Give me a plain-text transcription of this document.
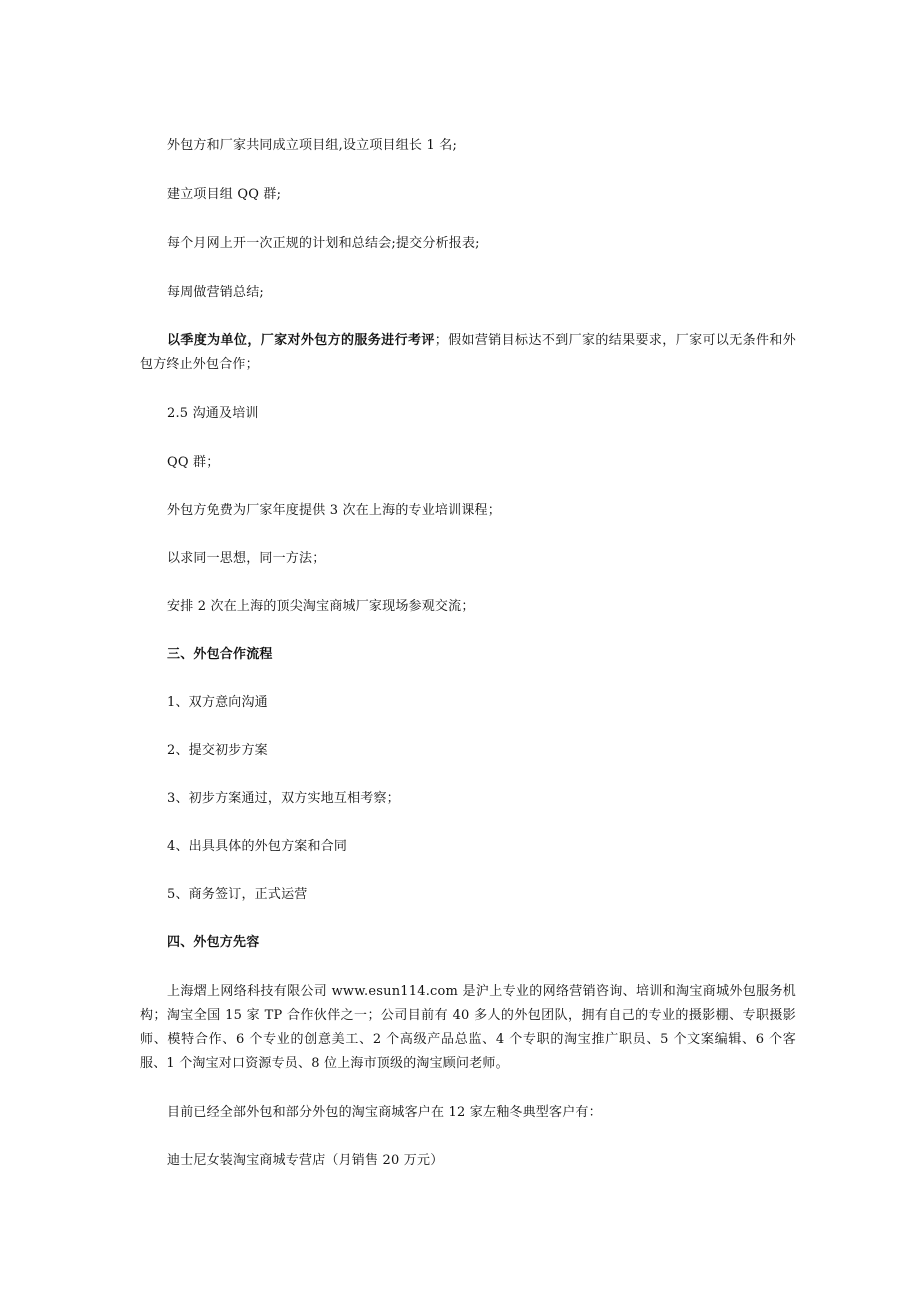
外包方和厂家共同成立项目组,设立项目组长 1 名;
建立项目组 QQ 群;
每个月网上开一次正规的计划和总结会;提交分析报表;
每周做营销总结;
以季度为单位，厂家对外包方的服务进行考评；假如营销目标达不到厂家的结果要求，厂家可以无条件和外包方终止外包合作；
2.5 沟通及培训
QQ 群；
外包方免费为厂家年度提供 3 次在上海的专业培训课程；
以求同一思想，同一方法；
安排 2 次在上海的顶尖淘宝商城厂家现场参观交流；
三、外包合作流程
1、双方意向沟通
2、提交初步方案
3、初步方案通过，双方实地互相考察；
4、出具具体的外包方案和合同
5、商务签订，正式运营
四、外包方先容
上海熠上网络科技有限公司 www.esun114.com 是沪上专业的网络营销咨询、培训和淘宝商城外包服务机构；淘宝全国 15 家 TP 合作伙伴之一；公司目前有 40 多人的外包团队，拥有自己的专业的摄影棚、专职摄影师、模特合作、6 个专业的创意美工、2 个高级产品总监、4 个专职的淘宝推广职员、5 个文案编辑、6 个客服、1 个淘宝对口资源专员、8 位上海市顶级的淘宝顾问老师。
目前已经全部外包和部分外包的淘宝商城客户在 12 家左釉冬典型客户有：
迪士尼女装淘宝商城专营店（月销售 20 万元）
